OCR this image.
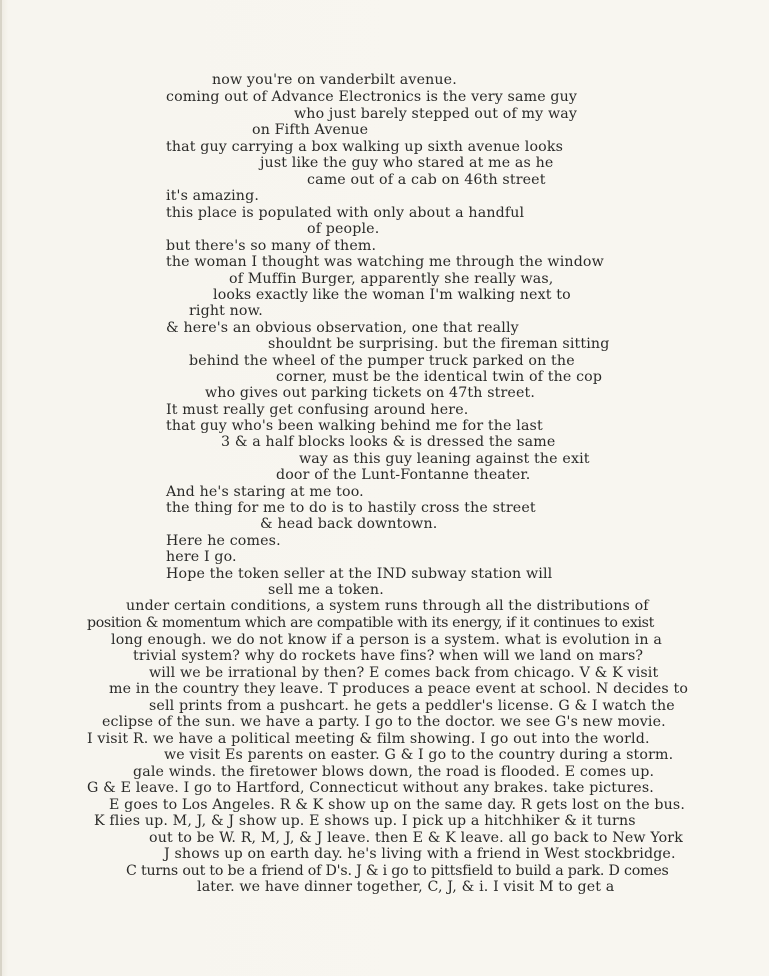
now you're on vanderbilt avenue.
coming out of Advance Electronics is the very same guy
who just barely stepped out of my way
on Fifth Avenue
that guy carrying a box walking up sixth avenue looks
just like the guy who stared at me as he
came out of a cab on 46th street
it's amazing.
this place is populated with only about a handful
of people.
but there's so many of them.
the woman I thought was watching me through the window
of Muffin Burger, apparently she really was,
looks exactly like the woman I'm walking next to
right now.
& here's an obvious observation, one that really
shouldnt be surprising. but the fireman sitting
behind the wheel of the pumper truck parked on the
corner, must be the identical twin of the cop
who gives out parking tickets on 47th street.
It must really get confusing around here.
that guy who's been walking behind me for the last
3 & a half blocks looks & is dressed the same
way as this guy leaning against the exit
door of the Lunt-Fontanne theater.
And he's staring at me too.
the thing for me to do is to hastily cross the street
& head back downtown.
Here he comes.
here I go.
Hope the token seller at the IND subway station will
sell me a token.
under certain conditions, a system runs through all the distributions of
position & momentum which are compatible with its energy, if it continues to exist
long enough. we do not know if a person is a system. what is evolution in a
trivial system? why do rockets have fins? when will we land on mars?
will we be irrational by then? E comes back from chicago. V & K visit
me in the country they leave. T produces a peace event at school. N decides to
sell prints from a pushcart. he gets a peddler's license. G & I watch the
eclipse of the sun. we have a party. I go to the doctor. we see G's new movie.
I visit R. we have a political meeting & film showing. I go out into the world.
we visit Es parents on easter. G & I go to the country during a storm.
gale winds. the firetower blows down, the road is flooded. E comes up.
G & E leave. I go to Hartford, Connecticut without any brakes. take pictures.
E goes to Los Angeles. R & K show up on the same day. R gets lost on the bus.
K flies up. M, J, & J show up. E shows up. I pick up a hitchhiker & it turns
out to be W. R, M, J, & J leave. then E & K leave. all go back to New York
J shows up on earth day. he's living with a friend in West stockbridge.
C turns out to be a friend of D's. J & i go to pittsfield to build a park. D comes
later. we have dinner together, C, J, & i. I visit M to get a
